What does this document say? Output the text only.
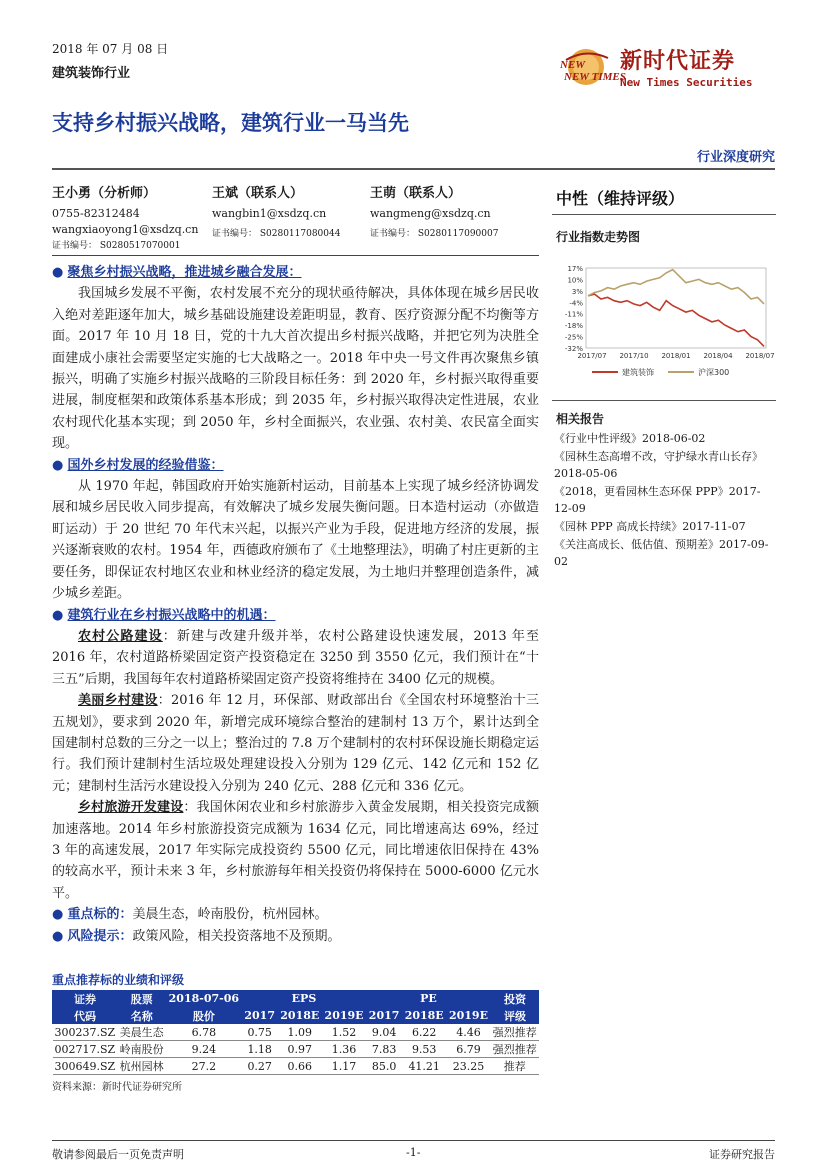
2018 年 07 月 08 日
建筑装饰行业
NEW
NEW TIMES
新时代证券
New Times Securities
支持乡村振兴战略，建筑行业一马当先
行业深度研究
王小勇（分析师）
0755-82312484
wangxiaoyong1@xsdzq.cn
证书编号： S0280517070001
王斌（联系人）
wangbin1@xsdzq.cn
证书编号： S0280117080044
王萌（联系人）
wangmeng@xsdzq.cn
证书编号： S0280117090007
中性（维持评级）
行业指数走势图
17%
10%
3%
-4%
-11%
-18%
-25%
-32%
2017/07 2017/10 2018/01 2018/04 2018/07
建筑装饰	沪深300
相关报告
《行业中性评级》2018-06-02
《园林生态高增不改，守护绿水青山长存》2018-05-06
《2018，更看园林生态环保 PPP》2017-12-09
《园林 PPP 高成长持续》2017-11-07
《关注高成长、低估值、预期差》2017-09-02
● 聚焦乡村振兴战略，推进城乡融合发展：

我国城乡发展不平衡，农村发展不充分的现状亟待解决，具体体现在城乡居民收入绝对差距逐年加大，城乡基础设施建设差距明显，教育、医疗资源分配不均衡等方面。2017 年 10 月 18 日，党的十九大首次提出乡村振兴战略，并把它列为决胜全面建成小康社会需要坚定实施的七大战略之一。2018 年中央一号文件再次聚焦乡镇振兴，明确了实施乡村振兴战略的三阶段目标任务：到 2020 年，乡村振兴取得重要进展，制度框架和政策体系基本形成；到 2035 年，乡村振兴取得决定性进展，农业农村现代化基本实现；到 2050 年，乡村全面振兴，农业强、农村美、农民富全面实现。

● 国外乡村发展的经验借鉴：

从 1970 年起，韩国政府开始实施新村运动，目前基本上实现了城乡经济协调发展和城乡居民收入同步提高，有效解决了城乡发展失衡问题。日本造村运动（亦做造町运动）于 20 世纪 70 年代末兴起，以振兴产业为手段，促进地方经济的发展，振兴逐渐衰败的农村。1954 年，西德政府颁布了《土地整理法》，明确了村庄更新的主要任务，即保证农村地区农业和林业经济的稳定发展，为土地归并整理创造条件，减少城乡差距。

● 建筑行业在乡村振兴战略中的机遇：

农村公路建设：新建与改建升级并举，农村公路建设快速发展，2013 年至 2016 年，农村道路桥梁固定资产投资稳定在 3250 到 3550 亿元，我们预计在“十三五”后期，我国每年农村道路桥梁固定资产投资将维持在 3400 亿元的规模。

美丽乡村建设：2016 年 12 月，环保部、财政部出台《全国农村环境整治十三五规划》，要求到 2020 年，新增完成环境综合整治的建制村 13 万个，累计达到全国建制村总数的三分之一以上；整治过的 7.8 万个建制村的农村环保设施长期稳定运行。我们预计建制村生活垃圾处理建设投入分别为 129 亿元、142 亿元和 152 亿元；建制村生活污水建设投入分别为 240 亿元、288 亿元和 336 亿元。

乡村旅游开发建设：我国休闲农业和乡村旅游步入黄金发展期，相关投资完成额加速落地。2014 年乡村旅游投资完成额为 1634 亿元，同比增速高达 69%，经过 3 年的高速发展，2017 年实际完成投资约 5500 亿元，同比增速依旧保持在 43%的较高水平，预计未来 3 年，乡村旅游每年相关投资仍将保持在 5000-6000 亿元水平。

● 重点标的：美晨生态，岭南股份，杭州园林。
● 风险提示：政策风险，相关投资落地不及预期。
重点推荐标的业绩和评级
证券	股票	2018-07-06	EPS			PE			投资
代码	名称	股价	2017	2018E	2019E	2017	2018E	2019E	评级
300237.SZ	美晨生态	6.78	0.75	1.09	1.52	9.04	6.22	4.46	强烈推荐
002717.SZ	岭南股份	9.24	1.18	0.97	1.36	7.83	9.53	6.79	强烈推荐
300649.SZ	杭州园林	27.2	0.27	0.66	1.17	85.0	41.21	23.25	推荐
资料来源：新时代证券研究所
敬请参阅最后一页免责声明	-1-	证券研究报告
